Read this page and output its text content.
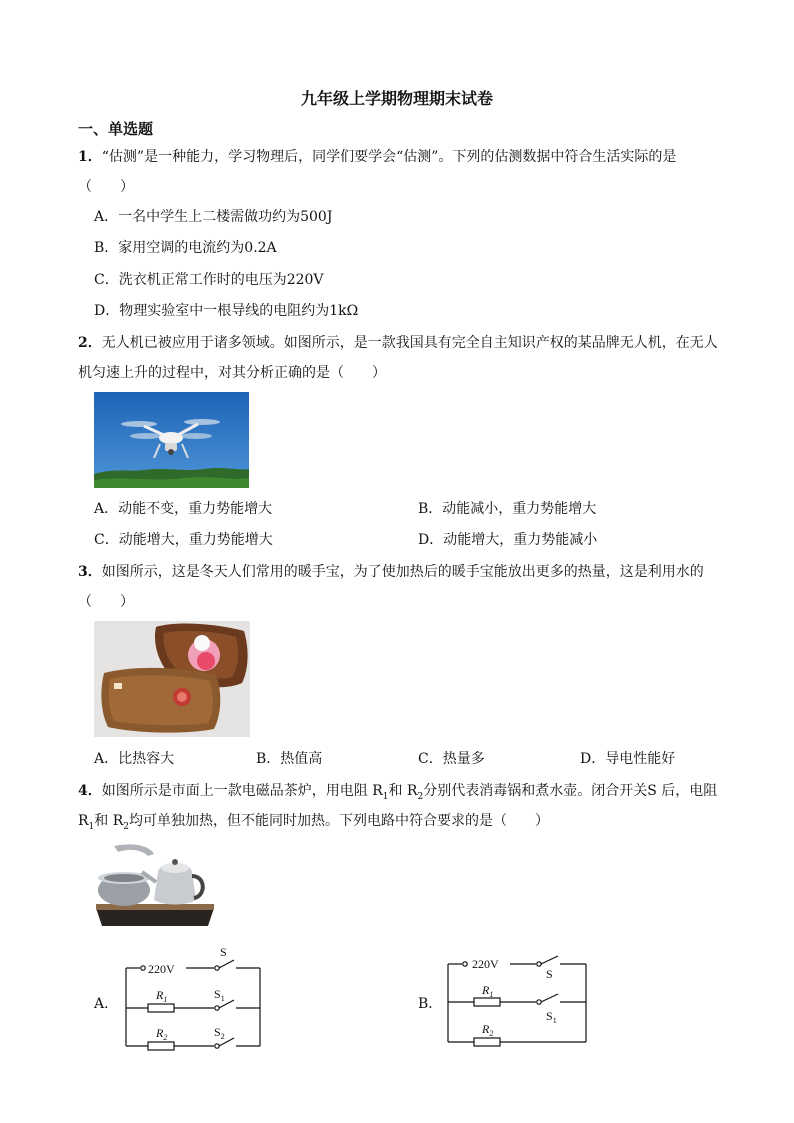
九年级上学期物理期末试卷
一、单选题
1．“估测”是一种能力，学习物理后，同学们要学会“估测”。下列的估测数据中符合生活实际的是
（　　）
A．一名中学生上二楼需做功约为500J
B．家用空调的电流约为0.2A
C．洗衣机正常工作时的电压为220V
D．物理实验室中一根导线的电阻约为1kΩ
2．无人机已被应用于诸多领域。如图所示，是一款我国具有完全自主知识产权的某品牌无人机，在无人
机匀速上升的过程中，对其分析正确的是（　　）
A．动能不变，重力势能增大	B．动能减小，重力势能增大
C．动能增大，重力势能增大	D．动能增大，重力势能减小
3．如图所示，这是冬天人们常用的暖手宝，为了使加热后的暖手宝能放出更多的热量，这是利用水的
（　　）
A．比热容大	B．热值高	C．热量多	D．导电性能好
4．如图所示是市面上一款电磁品茶炉，用电阻 $R_1$和 $R_2$分别代表消毒锅和煮水壶。闭合开关S 后，电阻
$R_1$和 $R_2$均可单独加热，但不能同时加热。下列电路中符合要求的是（　　）
A．
220V
S
$R_1$	$S_1$
$R_2$	$S_2$
B．
220V
S
$R_1$
$S_1$
$R_2$
